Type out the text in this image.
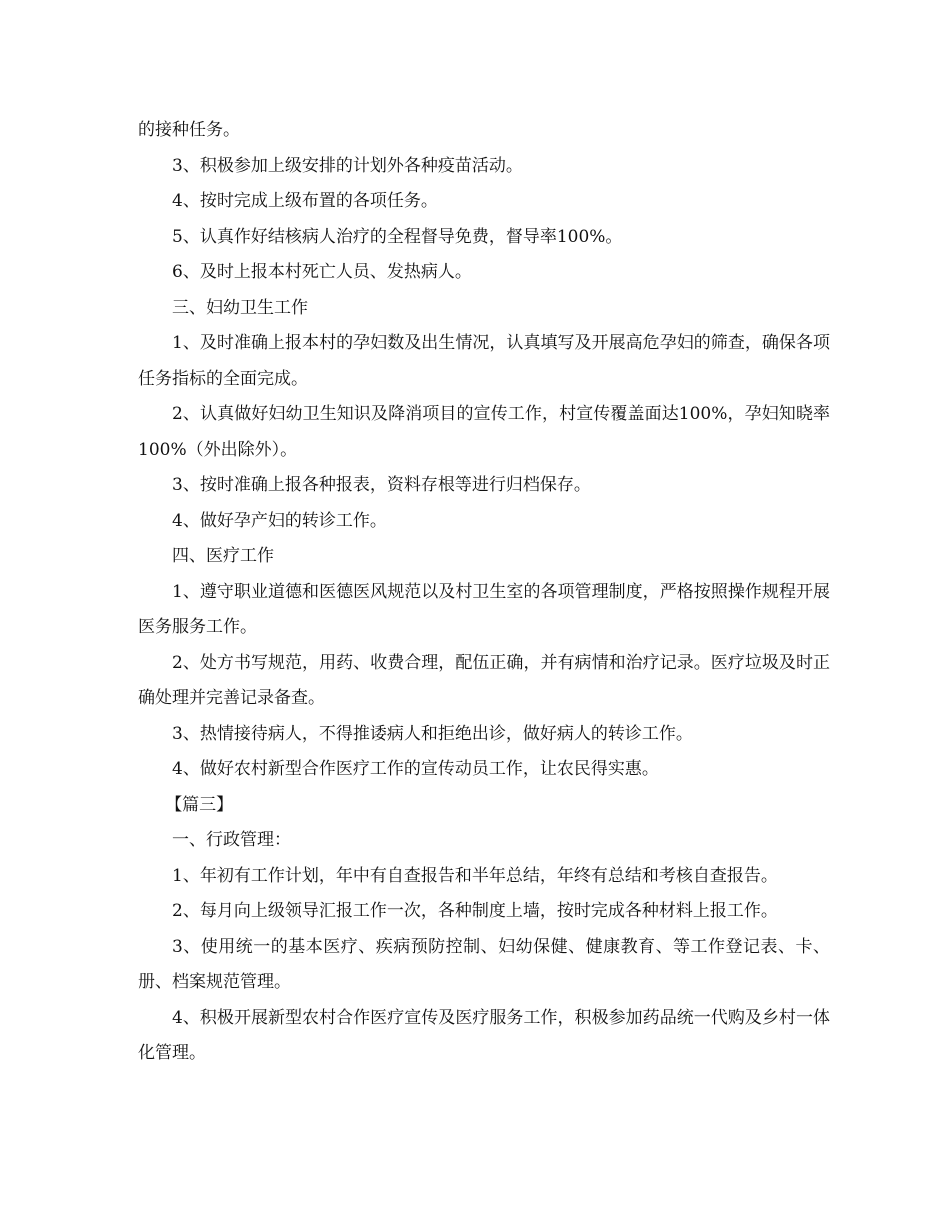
的接种任务。

3、积极参加上级安排的计划外各种疫苗活动。

4、按时完成上级布置的各项任务。

5、认真作好结核病人治疗的全程督导免费，督导率100%。

6、及时上报本村死亡人员、发热病人。

三、妇幼卫生工作

1、及时准确上报本村的孕妇数及出生情况，认真填写及开展高危孕妇的筛查，确保各项任务指标的全面完成。

2、认真做好妇幼卫生知识及降消项目的宣传工作，村宣传覆盖面达100%，孕妇知晓率100%（外出除外）。

3、按时准确上报各种报表，资料存根等进行归档保存。

4、做好孕产妇的转诊工作。

四、医疗工作

1、遵守职业道德和医德医风规范以及村卫生室的各项管理制度，严格按照操作规程开展医务服务工作。

2、处方书写规范，用药、收费合理，配伍正确，并有病情和治疗记录。医疗垃圾及时正确处理并完善记录备查。

3、热情接待病人，不得推诿病人和拒绝出诊，做好病人的转诊工作。

4、做好农村新型合作医疗工作的宣传动员工作，让农民得实惠。

【篇三】

一、行政管理：

1、年初有工作计划，年中有自查报告和半年总结，年终有总结和考核自查报告。

2、每月向上级领导汇报工作一次，各种制度上墙，按时完成各种材料上报工作。

3、使用统一的基本医疗、疾病预防控制、妇幼保健、健康教育、等工作登记表、卡、册、档案规范管理。

4、积极开展新型农村合作医疗宣传及医疗服务工作，积极参加药品统一代购及乡村一体化管理。
